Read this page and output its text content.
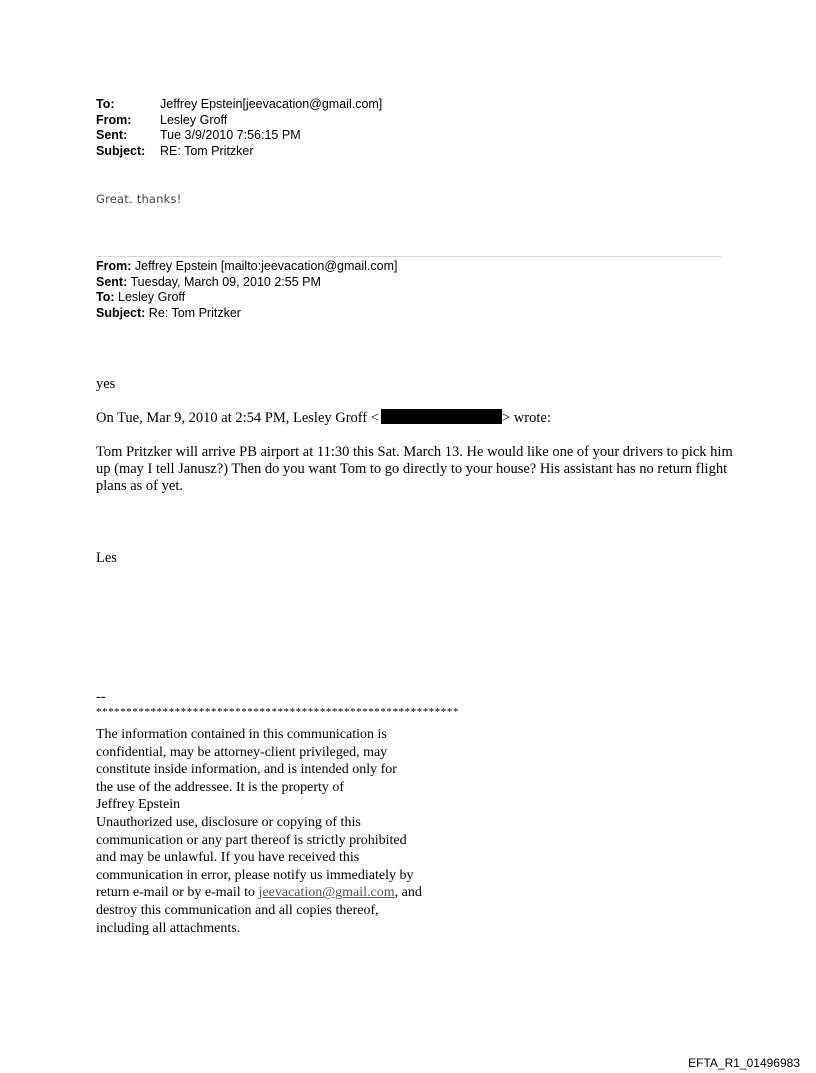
To:	Jeffrey Epstein[jeevacation@gmail.com]
From:	Lesley Groff
Sent:	Tue 3/9/2010 7:56:15 PM
Subject:	RE: Tom Pritzker
Great. thanks!
From: Jeffrey Epstein [mailto:jeevacation@gmail.com]
Sent: Tuesday, March 09, 2010 2:55 PM
To: Lesley Groff
Subject: Re: Tom Pritzker
yes
On Tue, Mar 9, 2010 at 2:54 PM, Lesley Groff <	> wrote:
Tom Pritzker will arrive PB airport at 11:30 this Sat. March 13. He would like one of your drivers to pick him up (may I tell Janusz?) Then do you want Tom to go directly to your house? His assistant has no return flight plans as of yet.
Les
--
************************************************************
The information contained in this communication is
confidential, may be attorney-client privileged, may
constitute inside information, and is intended only for
the use of the addressee. It is the property of
Jeffrey Epstein
Unauthorized use, disclosure or copying of this
communication or any part thereof is strictly prohibited
and may be unlawful. If you have received this
communication in error, please notify us immediately by
return e-mail or by e-mail to jeevacation@gmail.com, and
destroy this communication and all copies thereof,
including all attachments.
EFTA_R1_01496983
